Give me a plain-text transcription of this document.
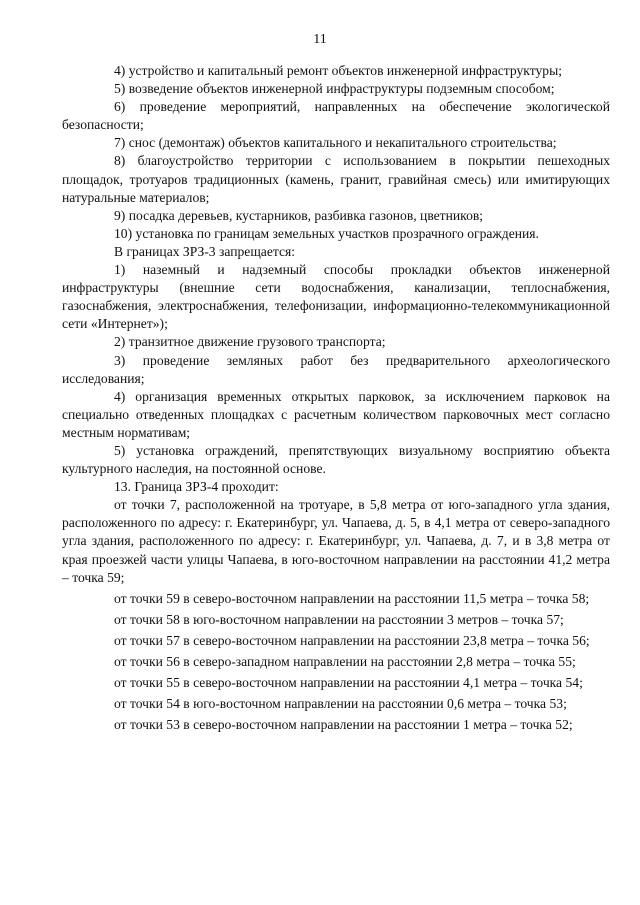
11

4) устройство и капитальный ремонт объектов инженерной инфраструктуры;

5) возведение объектов инженерной инфраструктуры подземным способом;

6) проведение мероприятий, направленных на обеспечение экологической безопасности;

7) снос (демонтаж) объектов капитального и некапитального строительства;

8) благоустройство территории с использованием в покрытии пешеходных площадок, тротуаров традиционных (камень, гранит, гравийная смесь) или имитирующих натуральные материалов;

9) посадка деревьев, кустарников, разбивка газонов, цветников;

10) установка по границам земельных участков прозрачного ограждения.

В границах ЗРЗ-3 запрещается:

1) наземный и надземный способы прокладки объектов инженерной инфраструктуры (внешние сети водоснабжения, канализации, теплоснабжения, газоснабжения, электроснабжения, телефонизации, информационно-телекоммуникационной сети «Интернет»);

2) транзитное движение грузового транспорта;

3) проведение земляных работ без предварительного археологического исследования;

4) организация временных открытых парковок, за исключением парковок на специально отведенных площадках с расчетным количеством парковочных мест согласно местным нормативам;

5) установка ограждений, препятствующих визуальному восприятию объекта культурного наследия, на постоянной основе.

13. Граница ЗРЗ-4 проходит:

от точки 7, расположенной на тротуаре, в 5,8 метра от юго-западного угла здания, расположенного по адресу: г. Екатеринбург, ул. Чапаева, д. 5, в 4,1 метра от северо-западного угла здания, расположенного по адресу: г. Екатеринбург, ул. Чапаева, д. 7, и в 3,8 метра от края проезжей части улицы Чапаева, в юго-восточном направлении на расстоянии 41,2 метра – точка 59;

от точки 59 в северо-восточном направлении на расстоянии 11,5 метра – точка 58;

от точки 58 в юго-восточном направлении на расстоянии 3 метров – точка 57;

от точки 57 в северо-восточном направлении на расстоянии 23,8 метра – точка 56;

от точки 56 в северо-западном направлении на расстоянии 2,8 метра – точка 55;

от точки 55 в северо-восточном направлении на расстоянии 4,1 метра – точка 54;

от точки 54 в юго-восточном направлении на расстоянии 0,6 метра – точка 53;

от точки 53 в северо-восточном направлении на расстоянии 1 метра – точка 52;
